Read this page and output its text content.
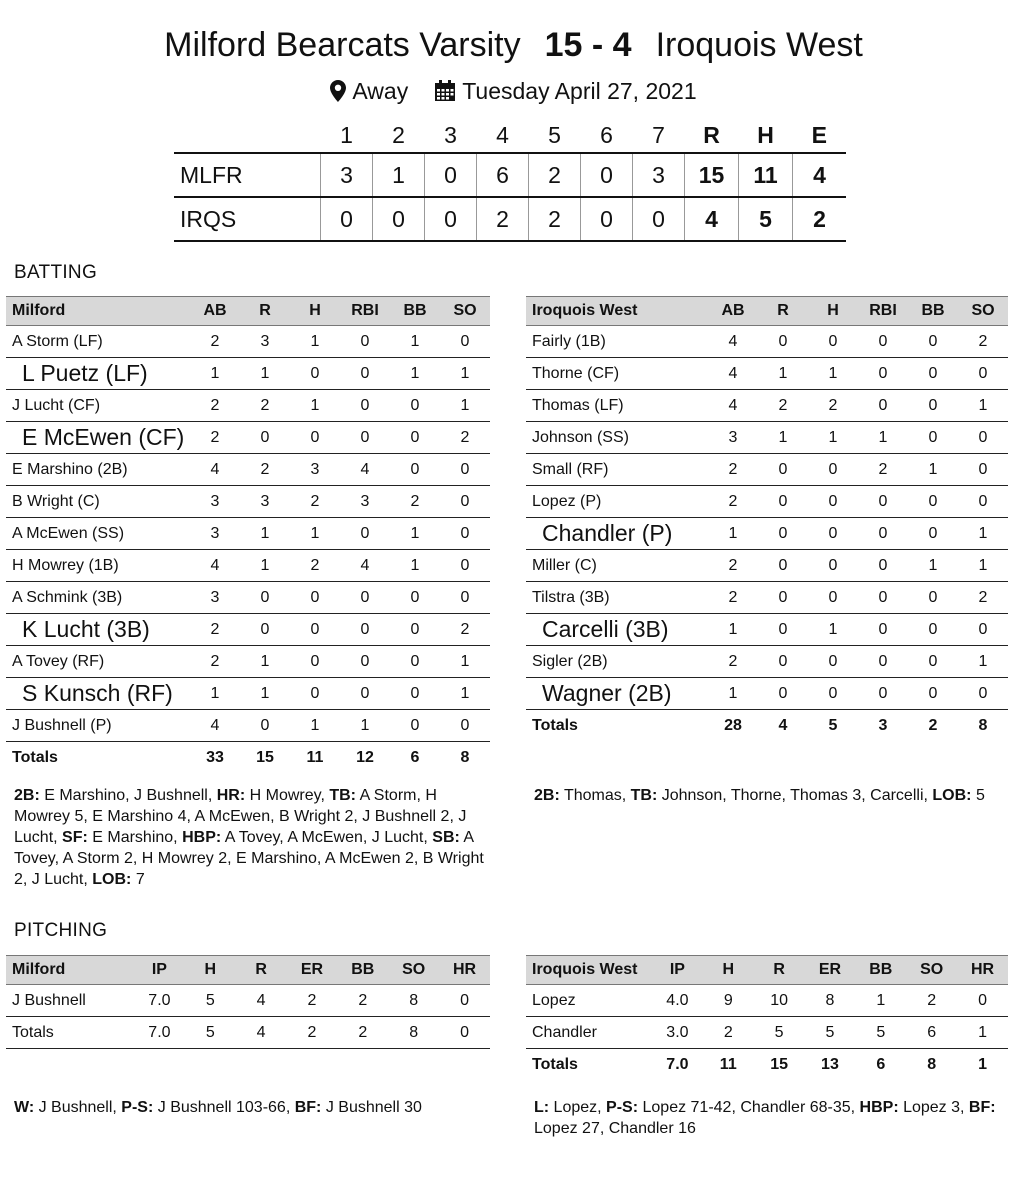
Milford Bearcats Varsity 15 - 4 Iroquois West
Away Tuesday April 27, 2021
	1	2	3	4	5	6	7	R	H	E
MLFR	3	1	0	6	2	0	3	15	11	4
IRQS	0	0	0	2	2	0	0	4	5	2
BATTING
PITCHING
Milford	AB	R	H	RBI	BB	SO
A Storm (LF)	2	3	1	0	1	0
L Puetz (LF)	1	1	0	0	1	1
J Lucht (CF)	2	2	1	0	0	1
E McEwen (CF)	2	0	0	0	0	2
E Marshino (2B)	4	2	3	4	0	0
B Wright (C)	3	3	2	3	2	0
A McEwen (SS)	3	1	1	0	1	0
H Mowrey (1B)	4	1	2	4	1	0
A Schmink (3B)	3	0	0	0	0	0
K Lucht (3B)	2	0	0	0	0	2
A Tovey (RF)	2	1	0	0	0	1
S Kunsch (RF)	1	1	0	0	0	1
J Bushnell (P)	4	0	1	1	0	0
Totals	33	15	11	12	6	8
Iroquois West	AB	R	H	RBI	BB	SO
Fairly (1B)	4	0	0	0	0	2
Thorne (CF)	4	1	1	0	0	0
Thomas (LF)	4	2	2	0	0	1
Johnson (SS)	3	1	1	1	0	0
Small (RF)	2	0	0	2	1	0
Lopez (P)	2	0	0	0	0	0
Chandler (P)	1	0	0	0	0	1
Miller (C)	2	0	0	0	1	1
Tilstra (3B)	2	0	0	0	0	2
Carcelli (3B)	1	0	1	0	0	0
Sigler (2B)	2	0	0	0	0	1
Wagner (2B)	1	0	0	0	0	0
Totals	28	4	5	3	2	8
Milford	IP	H	R	ER	BB	SO	HR
J Bushnell	7.0	5	4	2	2	8	0
Totals	7.0	5	4	2	2	8	0
Iroquois West	IP	H	R	ER	BB	SO	HR
Lopez	4.0	9	10	8	1	2	0
Chandler	3.0	2	5	5	5	6	1
Totals	7.0	11	15	13	6	8	1
2B: E Marshino, J Bushnell, HR: H Mowrey, TB: A Storm, H Mowrey 5, E Marshino 4, A McEwen, B Wright 2, J Bushnell 2, J Lucht, SF: E Marshino, HBP: A Tovey, A McEwen, J Lucht, SB: A Tovey, A Storm 2, H Mowrey 2, E Marshino, A McEwen 2, B Wright 2, J Lucht, LOB: 7
2B: Thomas, TB: Johnson, Thorne, Thomas 3, Carcelli, LOB: 5
W: J Bushnell, P-S: J Bushnell 103-66, BF: J Bushnell 30	L: Lopez, P-S: Lopez 71-42, Chandler 68-35, HBP: Lopez 3, BF: Lopez 27, Chandler 16
